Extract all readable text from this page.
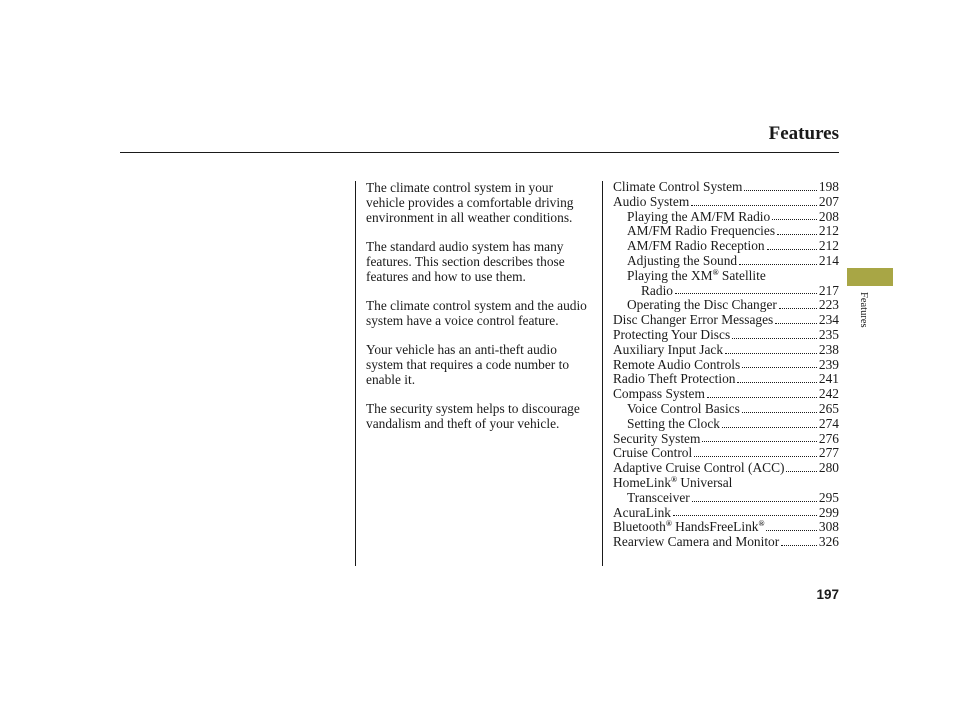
Features

The climate control system in your vehicle provides a comfortable driving environment in all weather conditions.

The standard audio system has many features. This section describes those features and how to use them.

The climate control system and the audio system have a voice control feature.

Your vehicle has an anti-theft audio system that requires a code number to enable it.

The security system helps to discourage vandalism and theft of your vehicle.

Climate Control System	198
Audio System	207
Playing the AM/FM Radio	208
AM/FM Radio Frequencies	212
AM/FM Radio Reception	212
Adjusting the Sound	214
Playing the XM® Satellite
Radio	217
Operating the Disc Changer	223
Disc Changer Error Messages	234
Protecting Your Discs	235
Auxiliary Input Jack	238
Remote Audio Controls	239
Radio Theft Protection	241
Compass System	242
Voice Control Basics	265
Setting the Clock	274
Security System	276
Cruise Control	277
Adaptive Cruise Control (ACC)	280
HomeLink® Universal
Transceiver	295
AcuraLink	299
Bluetooth® HandsFreeLink®	308
Rearview Camera and Monitor	326
Features
197
